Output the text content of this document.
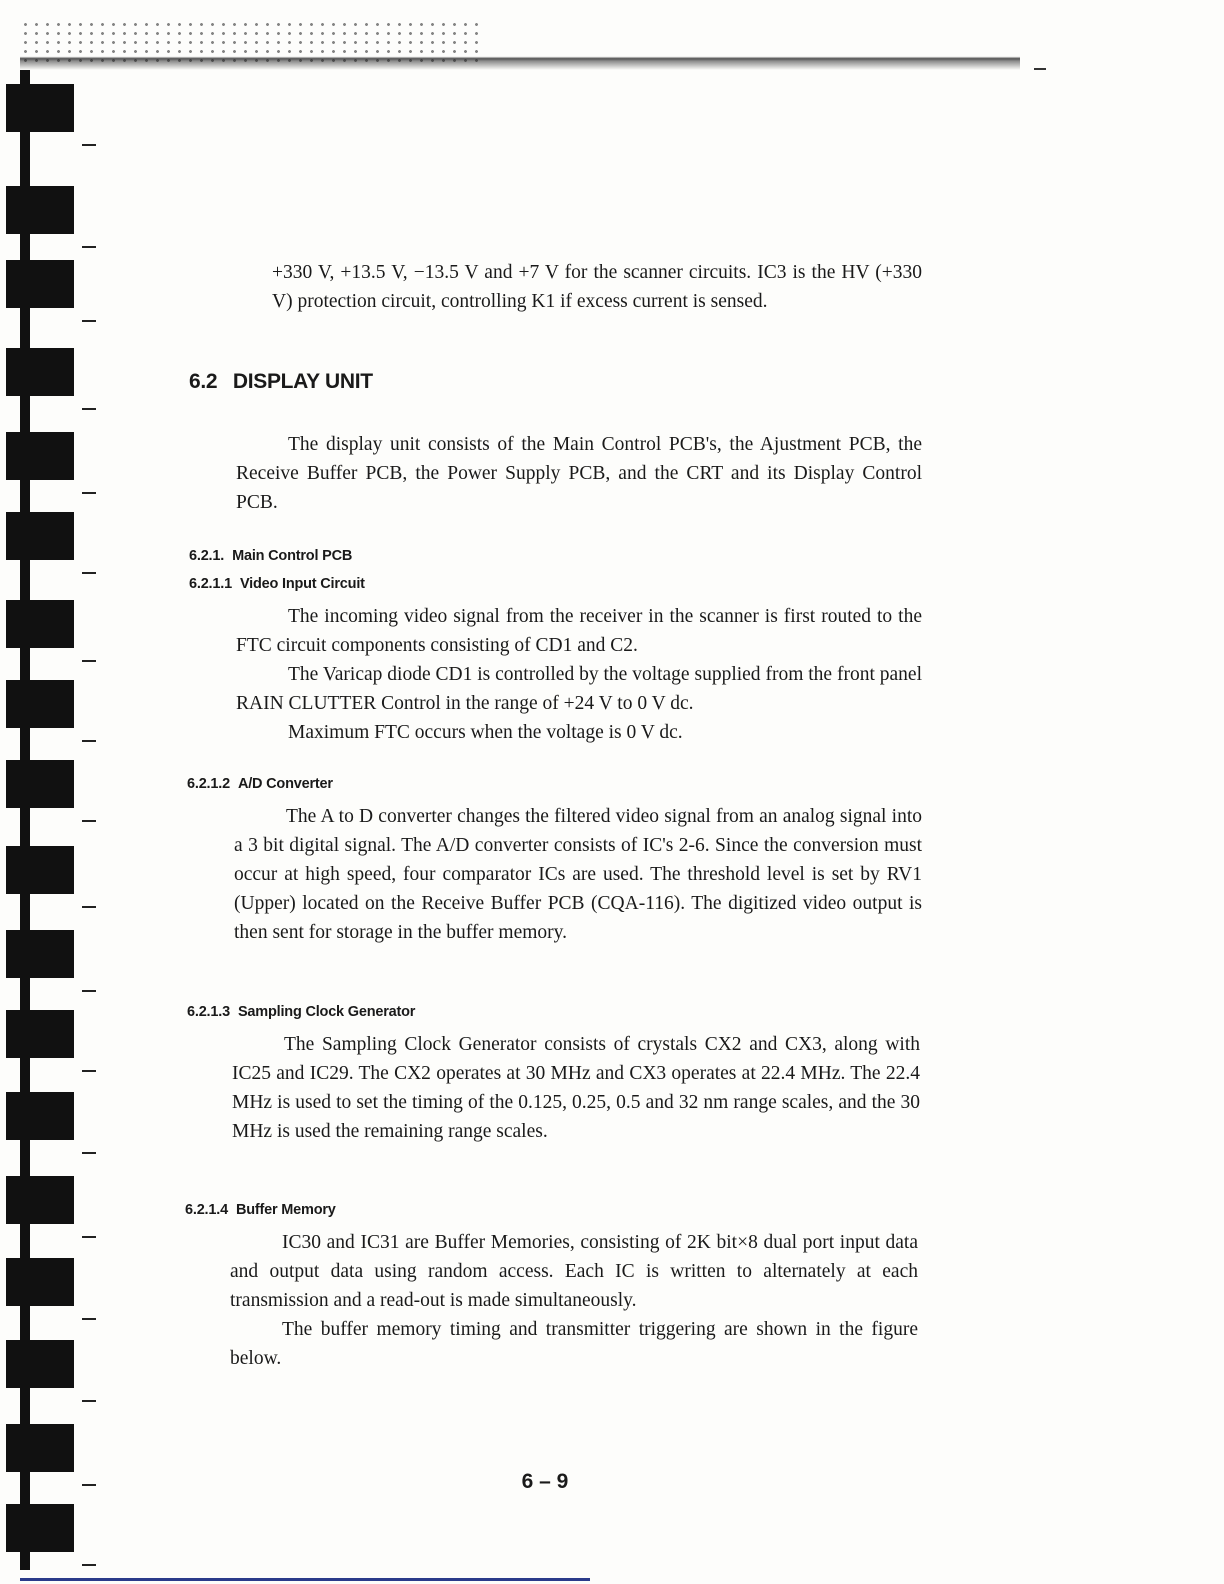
+330 V, +13.5 V, −13.5 V and +7 V for the scanner circuits. IC3 is the HV (+330 V) protection circuit, controlling K1 if excess current is sensed.

6.2 DISPLAY UNIT

The display unit consists of the Main Control PCB's, the Ajustment PCB, the Receive Buffer PCB, the Power Supply PCB, and the CRT and its Display Control PCB.

6.2.1. Main Control PCB
6.2.1.1 Video Input Circuit

The incoming video signal from the receiver in the scanner is first routed to the FTC circuit components consisting of CD1 and C2.

The Varicap diode CD1 is controlled by the voltage supplied from the front panel RAIN CLUTTER Control in the range of +24 V to 0 V dc.

Maximum FTC occurs when the voltage is 0 V dc.

6.2.1.2 A/D Converter

The A to D converter changes the filtered video signal from an analog signal into a 3 bit digital signal. The A/D converter consists of IC's 2-6. Since the conversion must occur at high speed, four comparator ICs are used. The threshold level is set by RV1 (Upper) located on the Receive Buffer PCB (CQA-116). The digitized video output is then sent for storage in the buffer memory.

6.2.1.3 Sampling Clock Generator

The Sampling Clock Generator consists of crystals CX2 and CX3, along with IC25 and IC29. The CX2 operates at 30 MHz and CX3 operates at 22.4 MHz. The 22.4 MHz is used to set the timing of the 0.125, 0.25, 0.5 and 32 nm range scales, and the 30 MHz is used the remaining range scales.

6.2.1.4 Buffer Memory

IC30 and IC31 are Buffer Memories, consisting of 2K bit×8 dual port input data and output data using random access. Each IC is written to alternately at each transmission and a read-out is made simultaneously.

The buffer memory timing and transmitter triggering are shown in the figure below.

6 – 9
